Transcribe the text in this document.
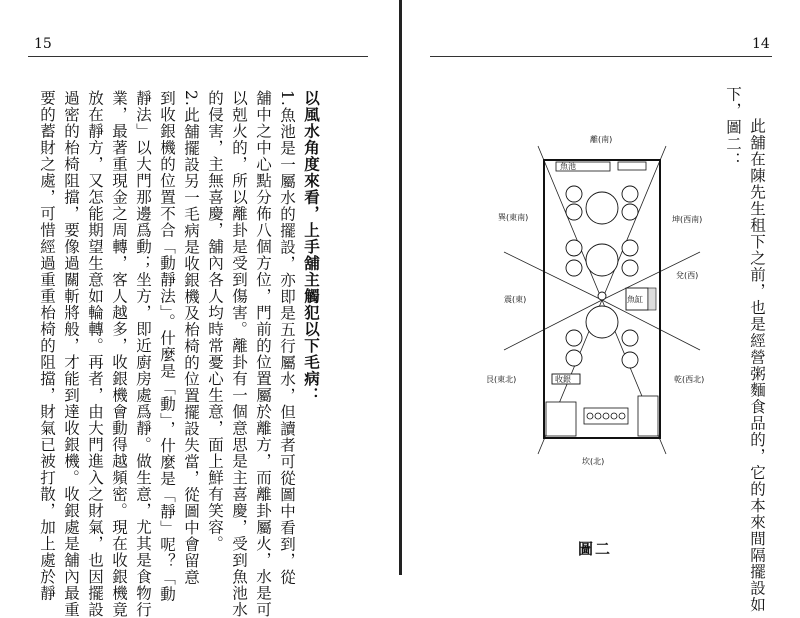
15
以風水角度來看，上手舖主觸犯以下毛病：
1.魚池是一屬水的擺設，亦即是五行屬水，但讀者可從圖中看到，從
舖中之中心點分佈八個方位，門前的位置屬於離方，而離卦屬火，水是可
以剋火的，所以離卦是受到傷害。離卦有一個意思是主喜慶，受到魚池水
的侵害，主無喜慶，舖內各人均時常憂心生意，面上鮮有笑容。
2.此舖擺設另一毛病是收銀機及枱椅的位置擺設失當，從圖中會留意
到收銀機的位置不合「動靜法」。什麼是「動」，什麼是「靜」呢？「動
靜法」以大門那邊爲動；坐方，即近廚房處爲靜。做生意，尤其是食物行
業，最著重現金之周轉，客人越多，收銀機會動得越頻密。現在收銀機竟
放在靜方，又怎能期望生意如輪轉。再者，由大門進入之財氣，也因擺設
過密的枱椅阻擋，要像過關斬將般，才能到達收銀機。收銀處是舖內最重
要的蓄財之處，可惜經過重重枱椅的阻擋，財氣已被打散，加上處於靜
14
此舖在陳先生租下之前，也是經營粥麵食品的，它的本來間隔擺設如
下，圖二：
魚池
魚缸
收銀
離(南)
巽(東南)	坤(西南)
震(東)
兌(西)
艮(東北)	乾(西北)
坎(北)
圖二
